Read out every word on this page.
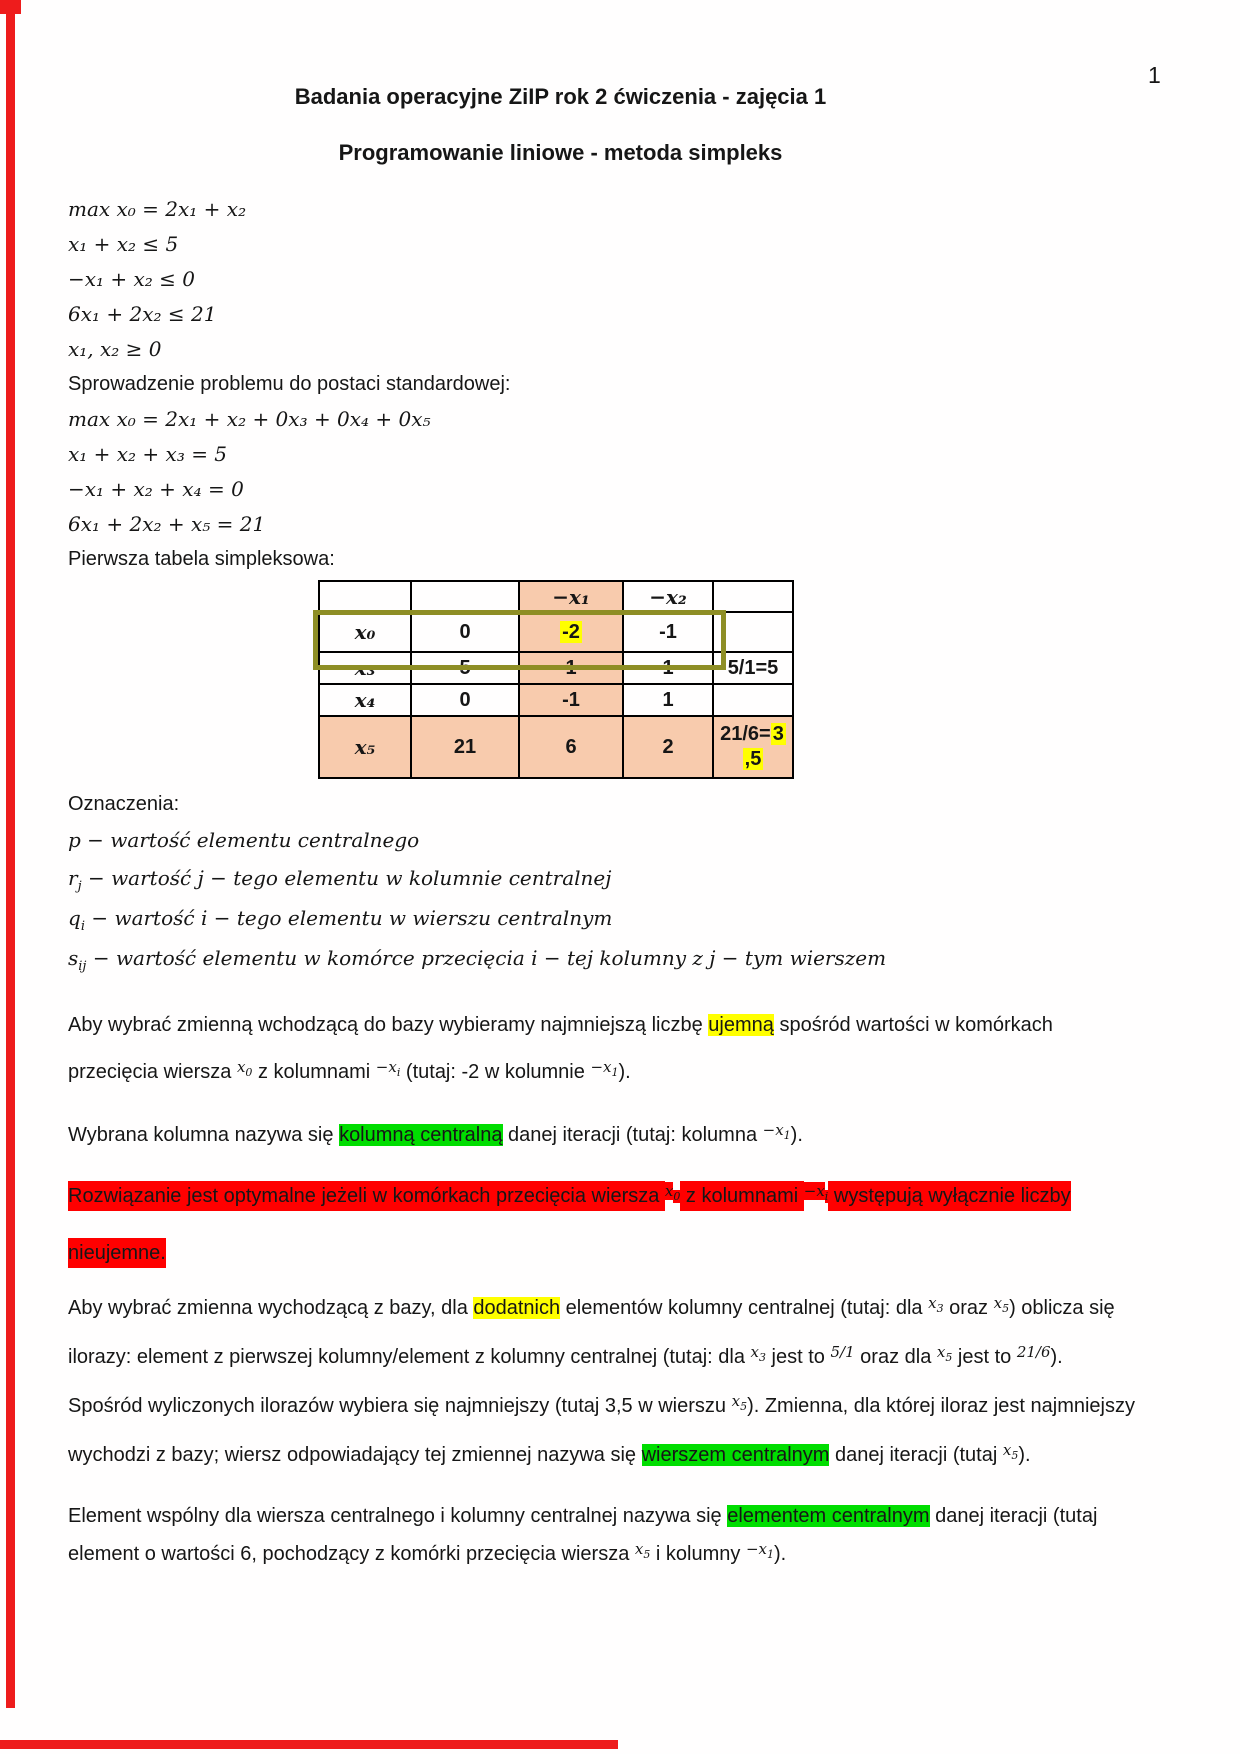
1
Badania operacyjne ZiIP rok 2 ćwiczenia - zajęcia 1
Programowanie liniowe - metoda simpleks
max x₀ = 2x₁ + x₂
x₁ + x₂ ≤ 5
−x₁ + x₂ ≤ 0
6x₁ + 2x₂ ≤ 21
x₁, x₂ ≥ 0
Sprowadzenie problemu do postaci standardowej:
max x₀ = 2x₁ + x₂ + 0x₃ + 0x₄ + 0x₅
x₁ + x₂ + x₃ = 5
−x₁ + x₂ + x₄ = 0
6x₁ + 2x₂ + x₅ = 21
Pierwsza tabela simpleksowa:
		−x₁	−x₂	
x₀	0	-2	-1	
x₃	5	1	1	5/1=5
x₄	0	-1	1	
x₅	21	6	2	21/6= 3
,5
Oznaczenia:
p − wartość elementu centralnego
$r_j$ − wartość j − tego elementu w kolumnie centralnej
$q_i$ − wartość i − tego elementu w wierszu centralnym
$s_{ij}$ − wartość elementu w komórce przecięcia i − tej kolumny z j − tym wierszem

Aby wybrać zmienną wchodzącą do bazy wybieramy najmniejszą liczbę ujemną spośród wartości w komórkach przecięcia wiersza $^x$0 z kolumnami $^{-x}$i (tutaj: -2 w kolumnie $^{-x}$1).

Wybrana kolumna nazywa się kolumną centralną danej iteracji (tutaj: kolumna $^{-x}$1).

Rozwiązanie jest optymalne jeżeli w komórkach przecięcia wiersza $^x$0 z kolumnami $^{-x}$i występują wyłącznie liczby nieujemne.

Aby wybrać zmienna wychodzącą z bazy, dla dodatnich elementów kolumny centralnej (tutaj: dla $^x$3 oraz $^x$5) oblicza się ilorazy: element z pierwszej kolumny/element z kolumny centralnej (tutaj: dla $^x$3 jest to $^{5/1}$ oraz dla $^x$5 jest to $^{21/6}$). Spośród wyliczonych ilorazów wybiera się najmniejszy (tutaj 3,5 w wierszu $^x$5). Zmienna, dla której iloraz jest najmniejszy wychodzi z bazy; wiersz odpowiadający tej zmiennej nazywa się wierszem centralnym danej iteracji (tutaj $^x$5).

Element wspólny dla wiersza centralnego i kolumny centralnej nazywa się elementem centralnym danej iteracji (tutaj element o wartości 6, pochodzący z komórki przecięcia wiersza $^x$5 i kolumny $^{-x}$1).
